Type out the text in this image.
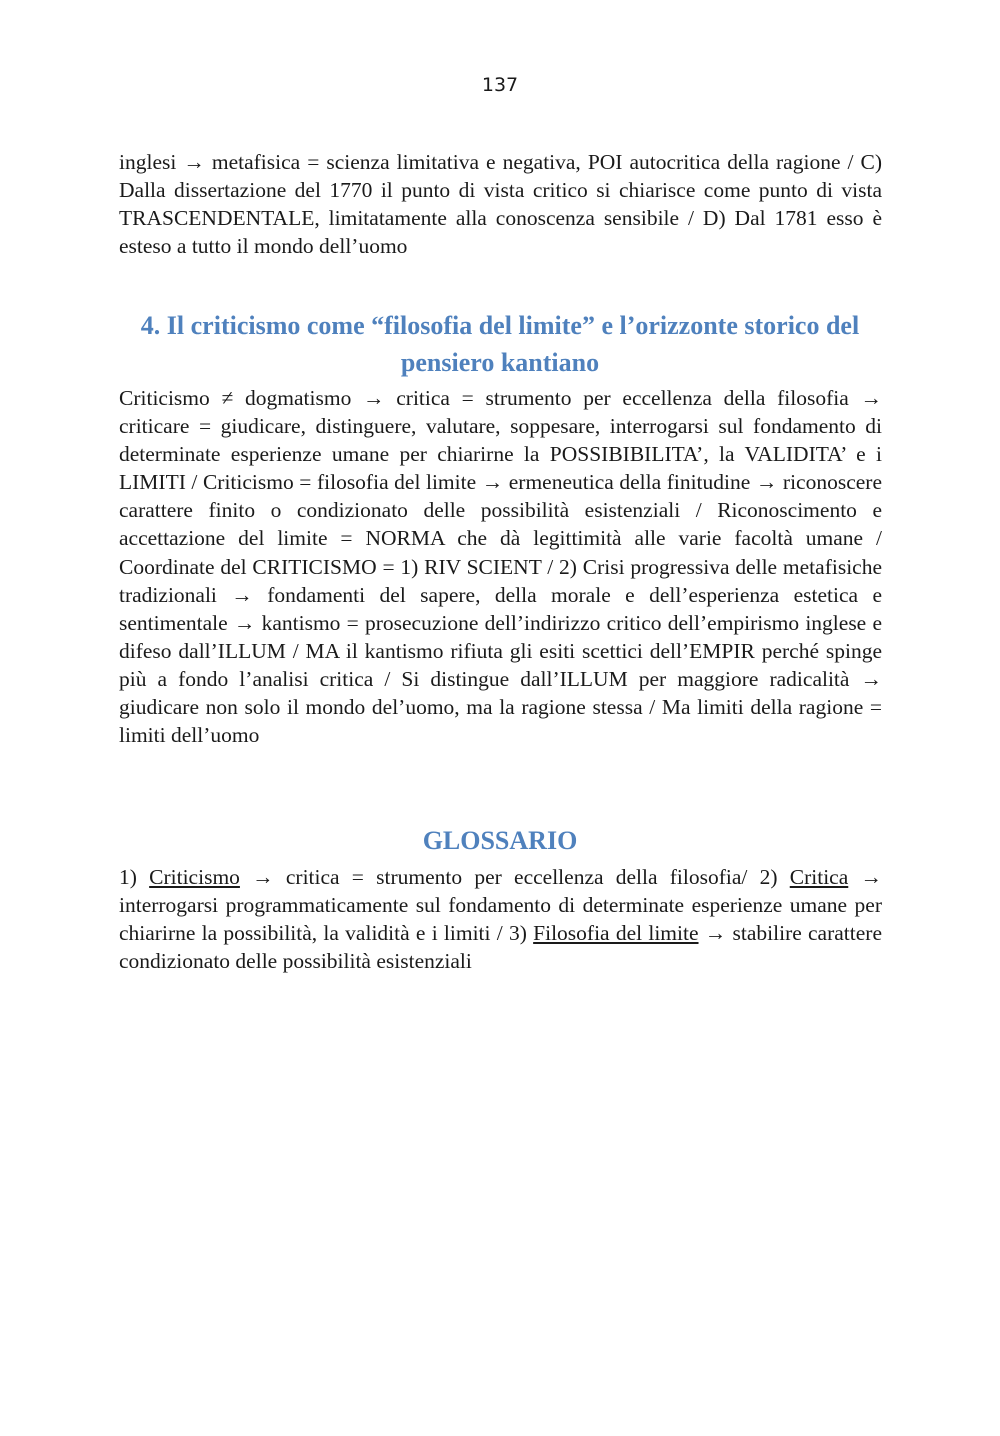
137

inglesi → metafisica = scienza limitativa e negativa, POI autocritica della ragione / C) Dalla dissertazione del 1770 il punto di vista critico si chiarisce come punto di vista TRASCENDENTALE, limitatamente alla conoscenza sensibile / D) Dal 1781 esso è esteso a tutto il mondo dell’uomo

4. Il criticismo come “filosofia del limite” e l’orizzonte storico del pensiero kantiano

Criticismo ≠ dogmatismo → critica = strumento per eccellenza della filosofia → criticare = giudicare, distinguere, valutare, soppesare, interrogarsi sul fondamento di determinate esperienze umane per chiarirne la POSSIBIBILITA’, la VALIDITA’ e i LIMITI / Criticismo = filosofia del limite → ermeneutica della finitudine → riconoscere carattere finito o condizionato delle possibilità esistenziali / Riconoscimento e accettazione del limite = NORMA che dà legittimità alle varie facoltà umane / Coordinate del CRITICISMO = 1) RIV SCIENT / 2) Crisi progressiva delle metafisiche tradizionali → fondamenti del sapere, della morale e dell’esperienza estetica e sentimentale → kantismo = prosecuzione dell’indirizzo critico dell’empirismo inglese e difeso dall’ILLUM / MA il kantismo rifiuta gli esiti scettici dell’EMPIR perché spinge più a fondo l’analisi critica / Si distingue dall’ILLUM per maggiore radicalità → giudicare non solo il mondo del’uomo, ma la ragione stessa / Ma limiti della ragione = limiti dell’uomo

GLOSSARIO

1) Criticismo → critica = strumento per eccellenza della filosofia/ 2) Critica → interrogarsi programmaticamente sul fondamento di determinate esperienze umane per chiarirne la possibilità, la validità e i limiti / 3) Filosofia del limite → stabilire carattere condizionato delle possibilità esistenziali
